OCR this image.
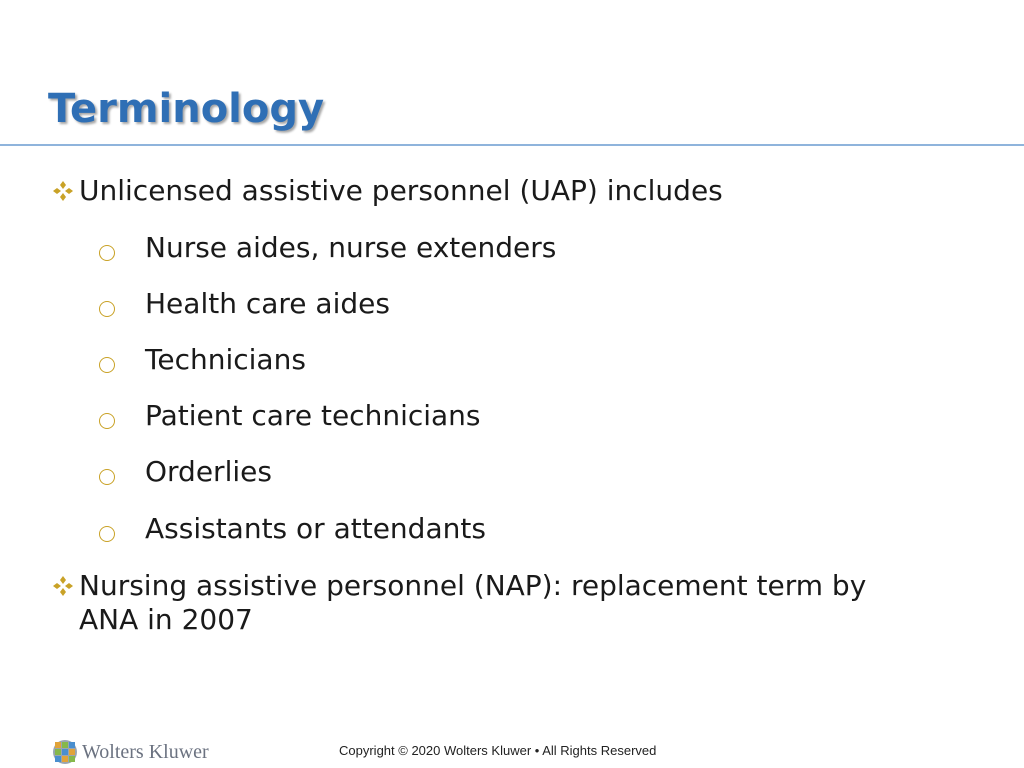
Terminology
Unlicensed assistive personnel (UAP) includes
Nurse aides, nurse extenders
Health care aides
Technicians
Patient care technicians
Orderlies
Assistants or attendants
Nursing assistive personnel (NAP): replacement term by
ANA in 2007
Wolters Kluwer	Copyright © 2020 Wolters Kluwer • All Rights Reserved
